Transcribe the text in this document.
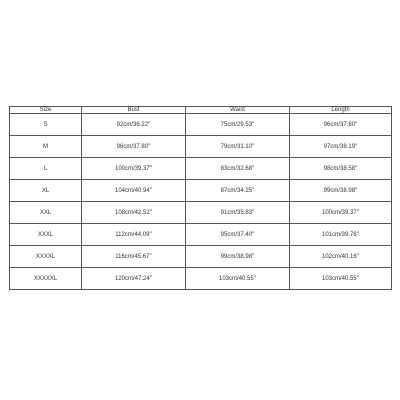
Size	Bust	Waist	Length
S	92cm/36.22''	75cm/29.53''	96cm/37.80''
M	96cm/37.80''	79cm/31.10''	97cm/38.19''
L	100cm/39.37''	83cm/32.68''	98cm/38.58''
XL	104cm/40.94''	87cm/34.25''	99cm/38.98''
XXL	108cm/42.52''	91cm/35.83''	100cm/39.37''
XXXL	112cm/44.09''	95cm/37.40''	101cm/39.76''
XXXXL	116cm/45.67''	99cm/38.98''	102cm/40.16''
XXXXXL	120cm/47.24''	103cm/40.55''	103cm/40.55''
